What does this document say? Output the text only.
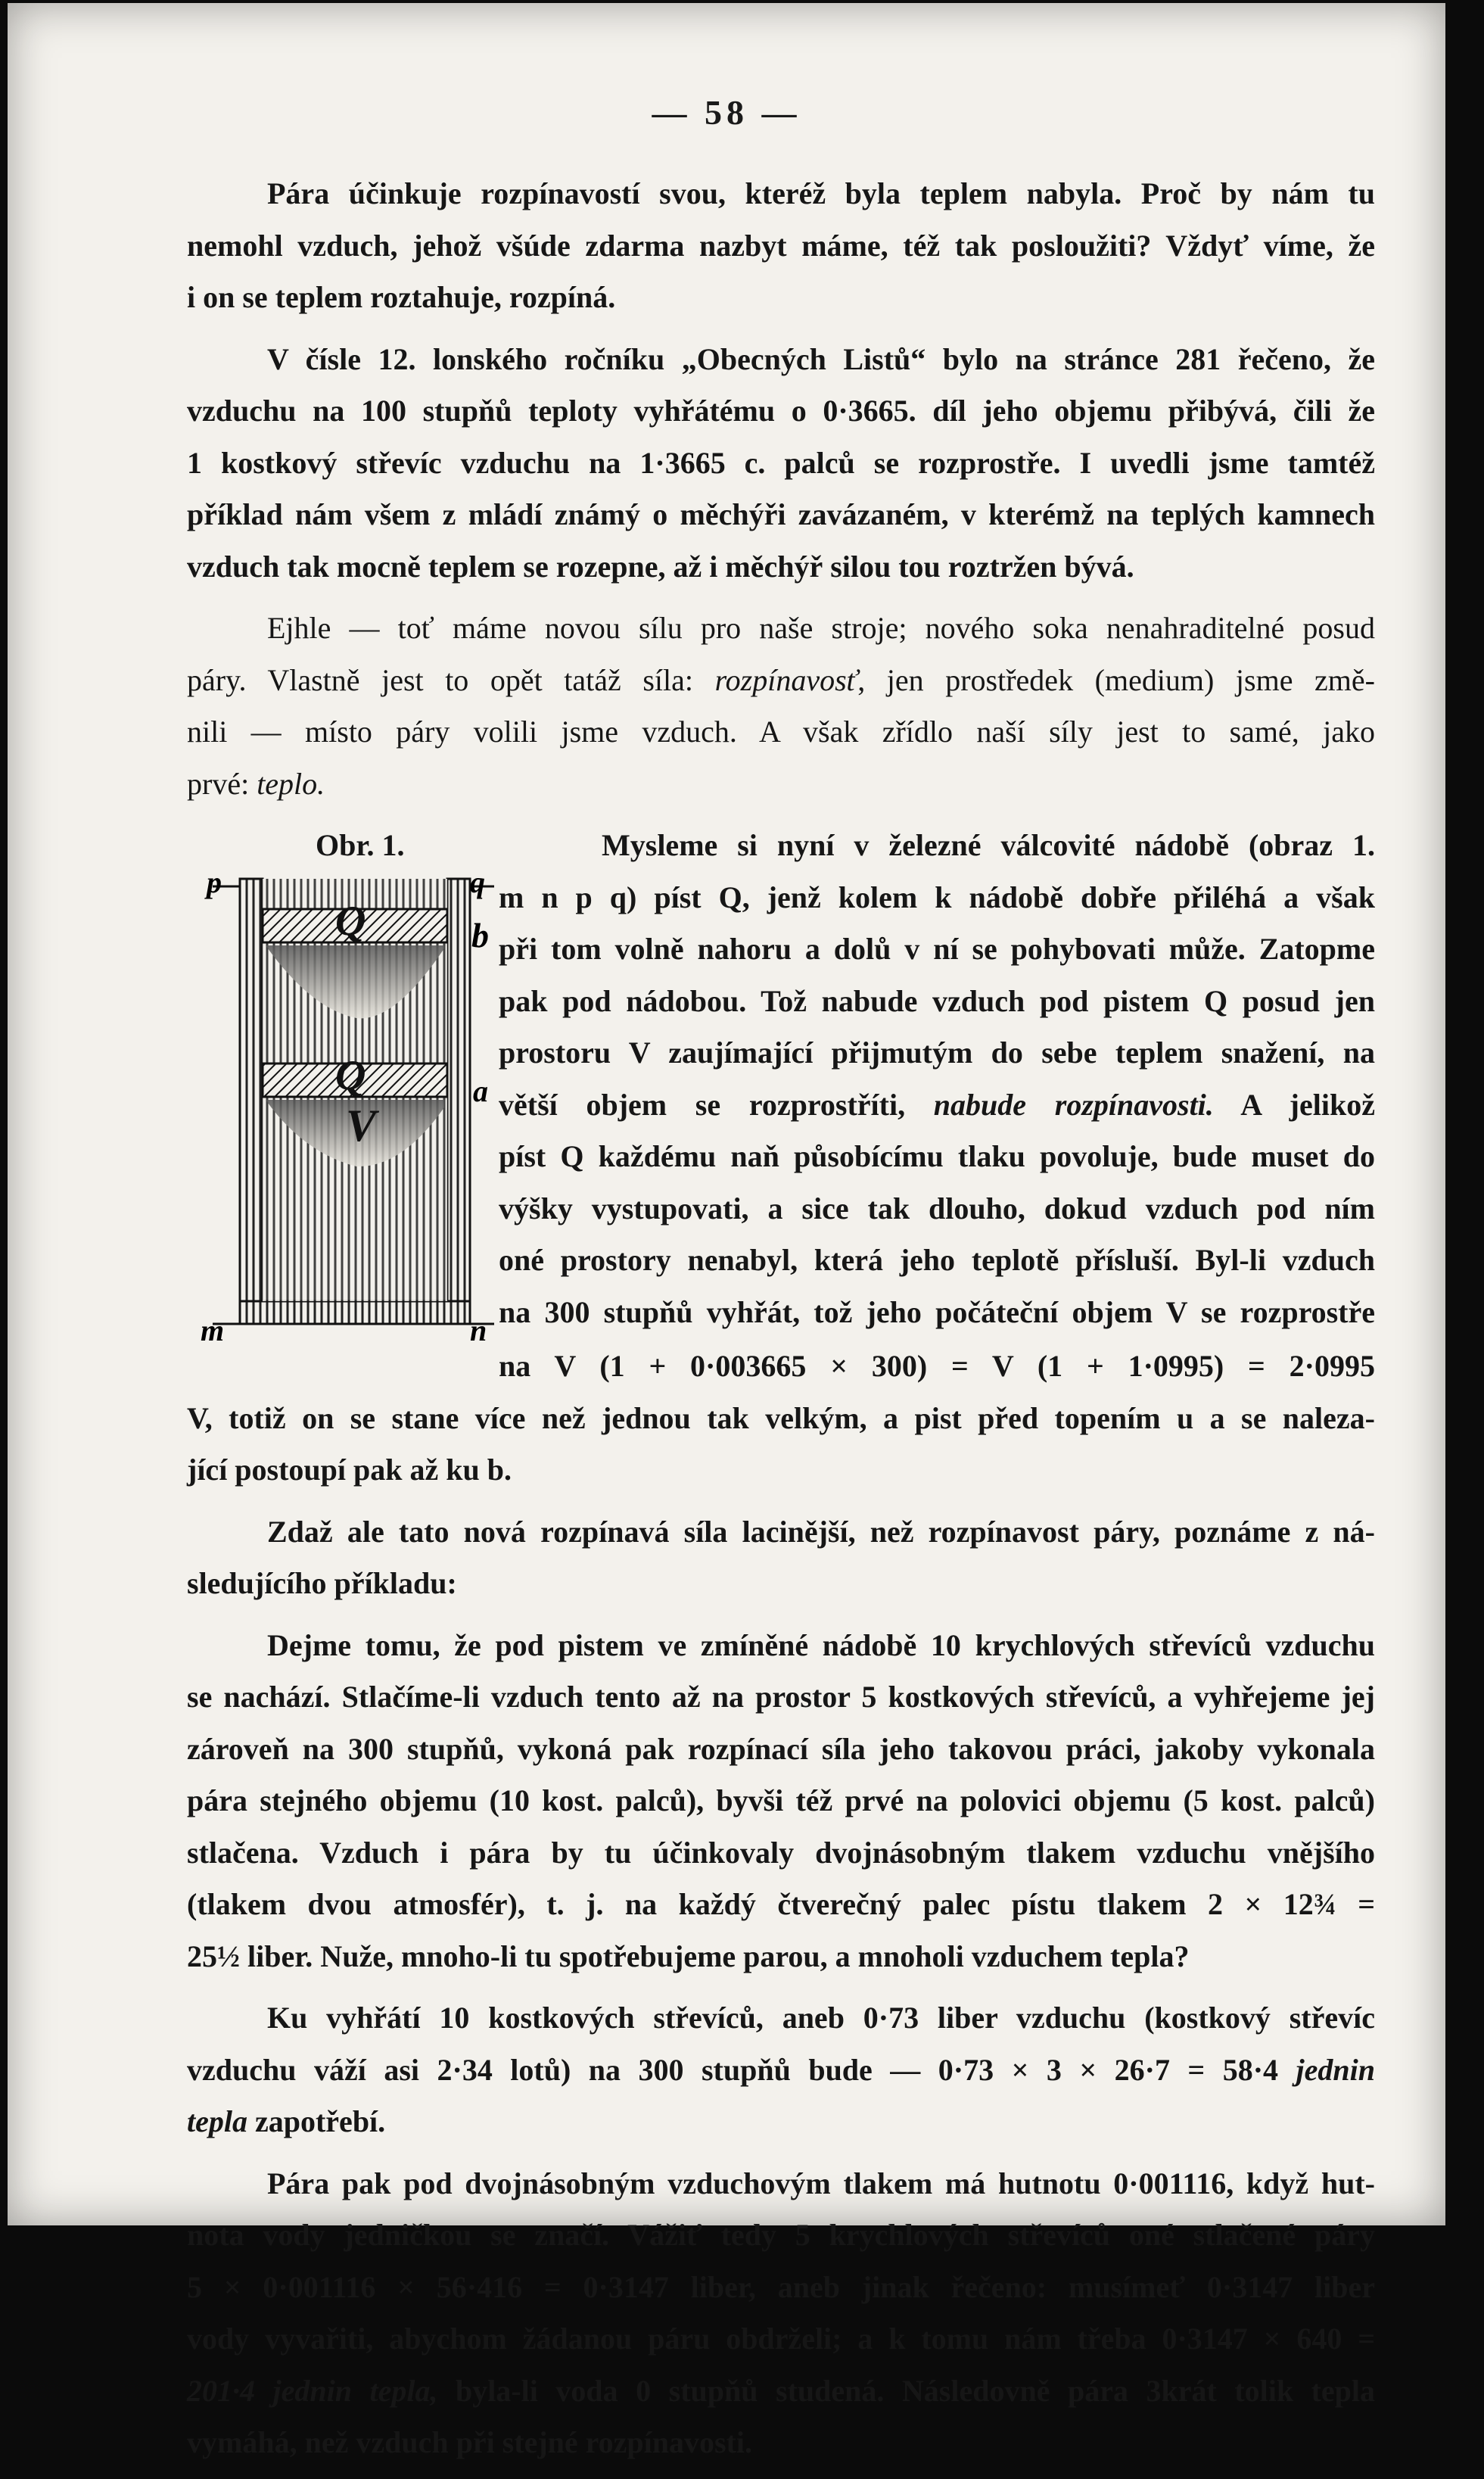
— 58 —

Pára účinkuje rozpínavostí svou, kteréž byla teplem nabyla. Proč by nám tu
nemohl vzduch, jehož všúde zdarma nazbyt máme, též tak posloužiti? Vždyť víme, že
i on se teplem roztahuje, rozpíná.

V čísle 12. lonského ročníku „Obecných Listů“ bylo na stránce 281 řečeno, že
vzduchu na 100 stupňů teploty vyhřátému o 0·3665. díl jeho objemu přibývá, čili že
1 kostkový střevíc vzduchu na 1·3665 c. palců se rozprostře. I uvedli jsme tamtéž
příklad nám všem z mládí známý o měchýři zavázaném, v kterémž na teplých kamnech
vzduch tak mocně teplem se rozepne, až i měchýř silou tou roztržen bývá.

Ejhle — toť máme novou sílu pro naše stroje; nového soka nenahraditelné posud
páry. Vlastně jest to opět tatáž síla: rozpínavosť, jen prostředek (medium) jsme změ-
nili — místo páry volili jsme vzduch. A však zřídlo naší síly jest to samé, jako
prvé: teplo.

Obr. 1.
p	q
b
a
m	n
Q
Q
V
Mysleme si nyní v železné válcovité nádobě (obraz 1.
m n p q) píst Q, jenž kolem k nádobě dobře přiléhá a však
při tom volně nahoru a dolů v ní se pohybovati může. Zatopme
pak pod nádobou. Tož nabude vzduch pod pistem Q posud jen
prostoru V zaujímající přijmutým do sebe teplem snažení, na
větší objem se rozprostříti, nabude rozpínavosti. A jelikož
píst Q každému naň působícímu tlaku povoluje, bude muset do
výšky vystupovati, a sice tak dlouho, dokud vzduch pod ním
oné prostory nenabyl, která jeho teplotě přísluší. Byl-li vzduch
na 300 stupňů vyhřát, tož jeho počáteční objem V se rozprostře
na V (1 + 0·003665 × 300) = V (1 + 1·0995) = 2·0995
V, totiž on se stane více než jednou tak velkým, a pist před topením u a se naleza-
jící postoupí pak až ku b.

Zdaž ale tato nová rozpínavá síla lacinější, než rozpínavost páry, poznáme z ná-
sledujícího příkladu:

Dejme tomu, že pod pistem ve zmíněné nádobě 10 krychlových střevíců vzduchu
se nachází. Stlačíme-li vzduch tento až na prostor 5 kostkových střevíců, a vyhřejeme jej
zároveň na 300 stupňů, vykoná pak rozpínací síla jeho takovou práci, jakoby vykonala
pára stejného objemu (10 kost. palců), byvši též prvé na polovici objemu (5 kost. palců)
stlačena. Vzduch i pára by tu účinkovaly dvojnásobným tlakem vzduchu vnějšího
(tlakem dvou atmosfér), t. j. na každý čtverečný palec pístu tlakem 2 × 12¾ =
25½ liber. Nuže, mnoho-li tu spotřebujeme parou, a mnoholi vzduchem tepla?

Ku vyhřátí 10 kostkových střevíců, aneb 0·73 liber vzduchu (kostkový střevíc
vzduchu váží asi 2·34 lotů) na 300 stupňů bude — 0·73 × 3 × 26·7 = 58·4 jednin
tepla zapotřebí.

Pára pak pod dvojnásobným vzduchovým tlakem má hutnotu 0·001116, když hut-
nota vody jedničkou se značí. Vážiť tedy 5 krychlových střevíců oné stlačené páry
5 × 0·001116 × 56·416 = 0·3147 liber, aneb jinak řečeno: musímeť 0·3147 liber
vody vyvařiti, abychom žádanou páru obdrželi; a k tomu nám třeba 0·3147 × 640 =
201·4 jednin tepla, byla-li voda 0 stupňů studená. Následovně pára 3krát tolik tepla
vymáhá, než vzduch při stejné rozpínavosti.
